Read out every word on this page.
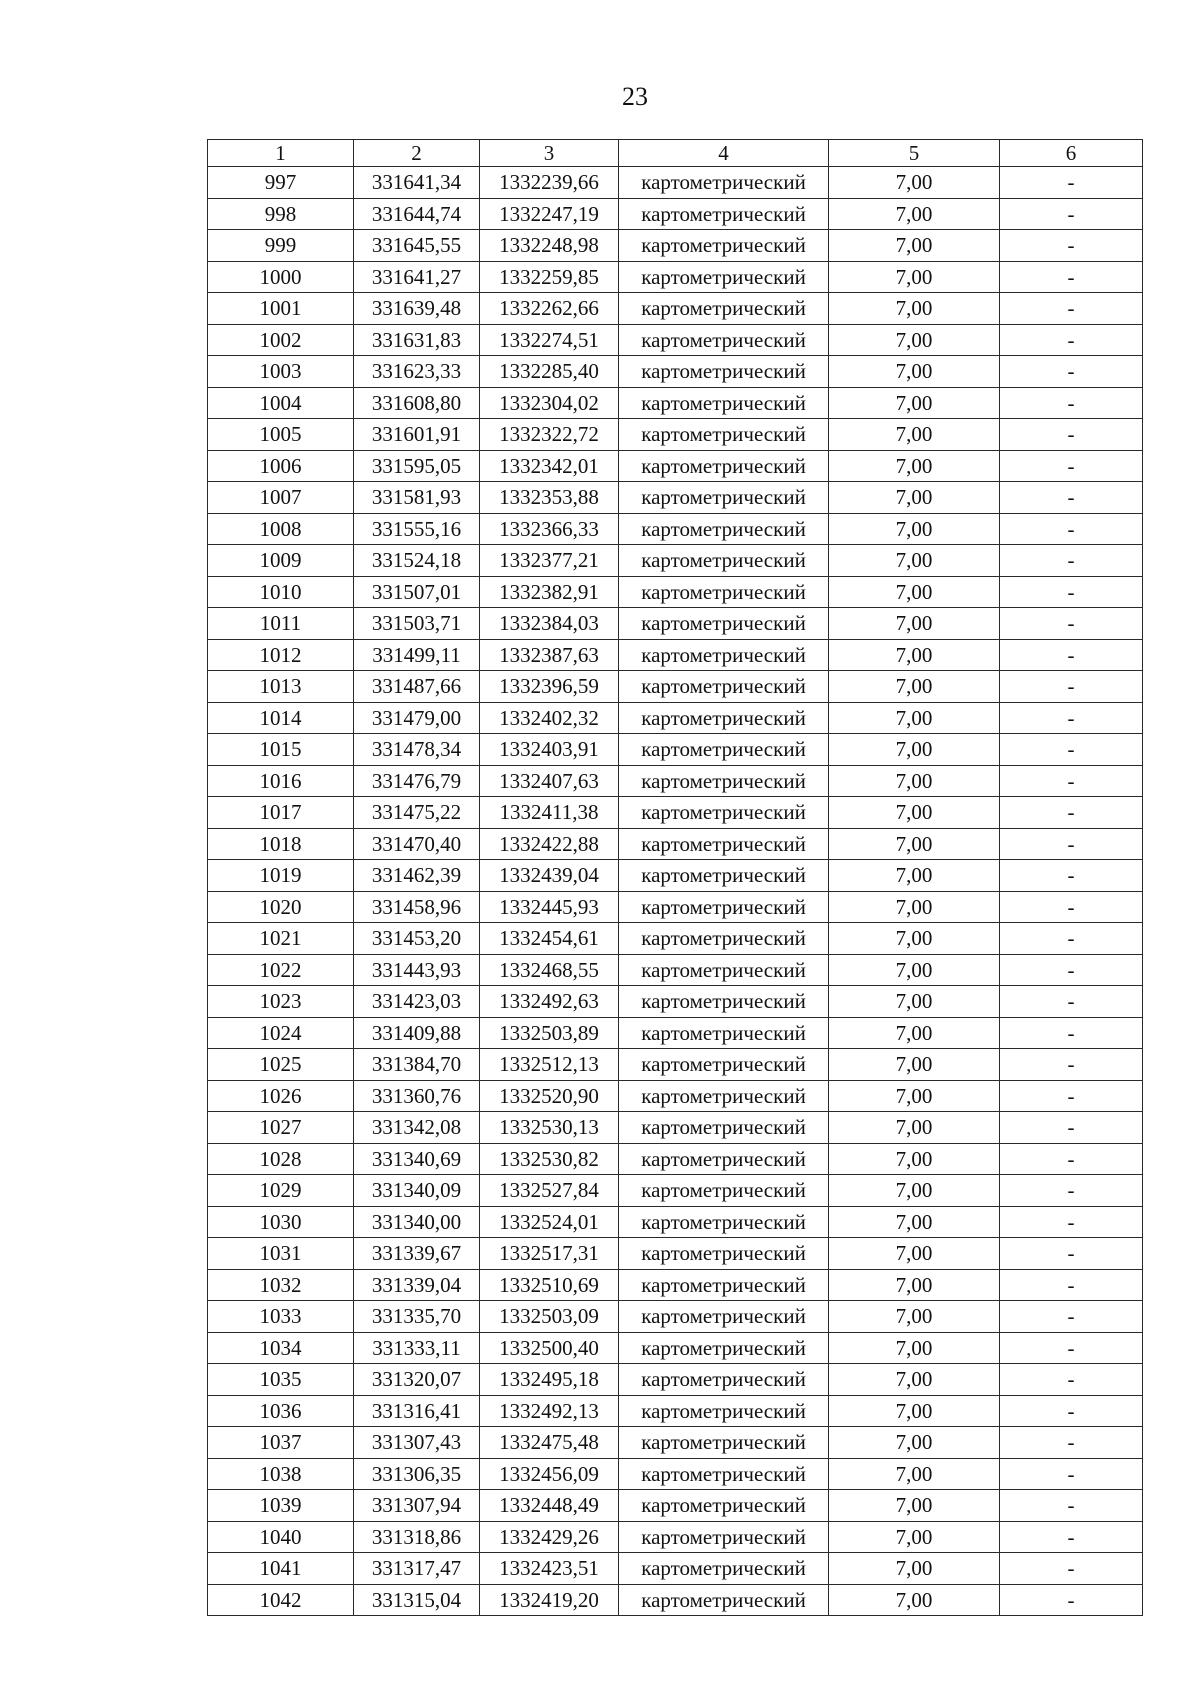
23
1	2	3	4	5	6
997	331641,34	1332239,66	картометрический	7,00	-
998	331644,74	1332247,19	картометрический	7,00	-
999	331645,55	1332248,98	картометрический	7,00	-
1000	331641,27	1332259,85	картометрический	7,00	-
1001	331639,48	1332262,66	картометрический	7,00	-
1002	331631,83	1332274,51	картометрический	7,00	-
1003	331623,33	1332285,40	картометрический	7,00	-
1004	331608,80	1332304,02	картометрический	7,00	-
1005	331601,91	1332322,72	картометрический	7,00	-
1006	331595,05	1332342,01	картометрический	7,00	-
1007	331581,93	1332353,88	картометрический	7,00	-
1008	331555,16	1332366,33	картометрический	7,00	-
1009	331524,18	1332377,21	картометрический	7,00	-
1010	331507,01	1332382,91	картометрический	7,00	-
1011	331503,71	1332384,03	картометрический	7,00	-
1012	331499,11	1332387,63	картометрический	7,00	-
1013	331487,66	1332396,59	картометрический	7,00	-
1014	331479,00	1332402,32	картометрический	7,00	-
1015	331478,34	1332403,91	картометрический	7,00	-
1016	331476,79	1332407,63	картометрический	7,00	-
1017	331475,22	1332411,38	картометрический	7,00	-
1018	331470,40	1332422,88	картометрический	7,00	-
1019	331462,39	1332439,04	картометрический	7,00	-
1020	331458,96	1332445,93	картометрический	7,00	-
1021	331453,20	1332454,61	картометрический	7,00	-
1022	331443,93	1332468,55	картометрический	7,00	-
1023	331423,03	1332492,63	картометрический	7,00	-
1024	331409,88	1332503,89	картометрический	7,00	-
1025	331384,70	1332512,13	картометрический	7,00	-
1026	331360,76	1332520,90	картометрический	7,00	-
1027	331342,08	1332530,13	картометрический	7,00	-
1028	331340,69	1332530,82	картометрический	7,00	-
1029	331340,09	1332527,84	картометрический	7,00	-
1030	331340,00	1332524,01	картометрический	7,00	-
1031	331339,67	1332517,31	картометрический	7,00	-
1032	331339,04	1332510,69	картометрический	7,00	-
1033	331335,70	1332503,09	картометрический	7,00	-
1034	331333,11	1332500,40	картометрический	7,00	-
1035	331320,07	1332495,18	картометрический	7,00	-
1036	331316,41	1332492,13	картометрический	7,00	-
1037	331307,43	1332475,48	картометрический	7,00	-
1038	331306,35	1332456,09	картометрический	7,00	-
1039	331307,94	1332448,49	картометрический	7,00	-
1040	331318,86	1332429,26	картометрический	7,00	-
1041	331317,47	1332423,51	картометрический	7,00	-
1042	331315,04	1332419,20	картометрический	7,00	-
